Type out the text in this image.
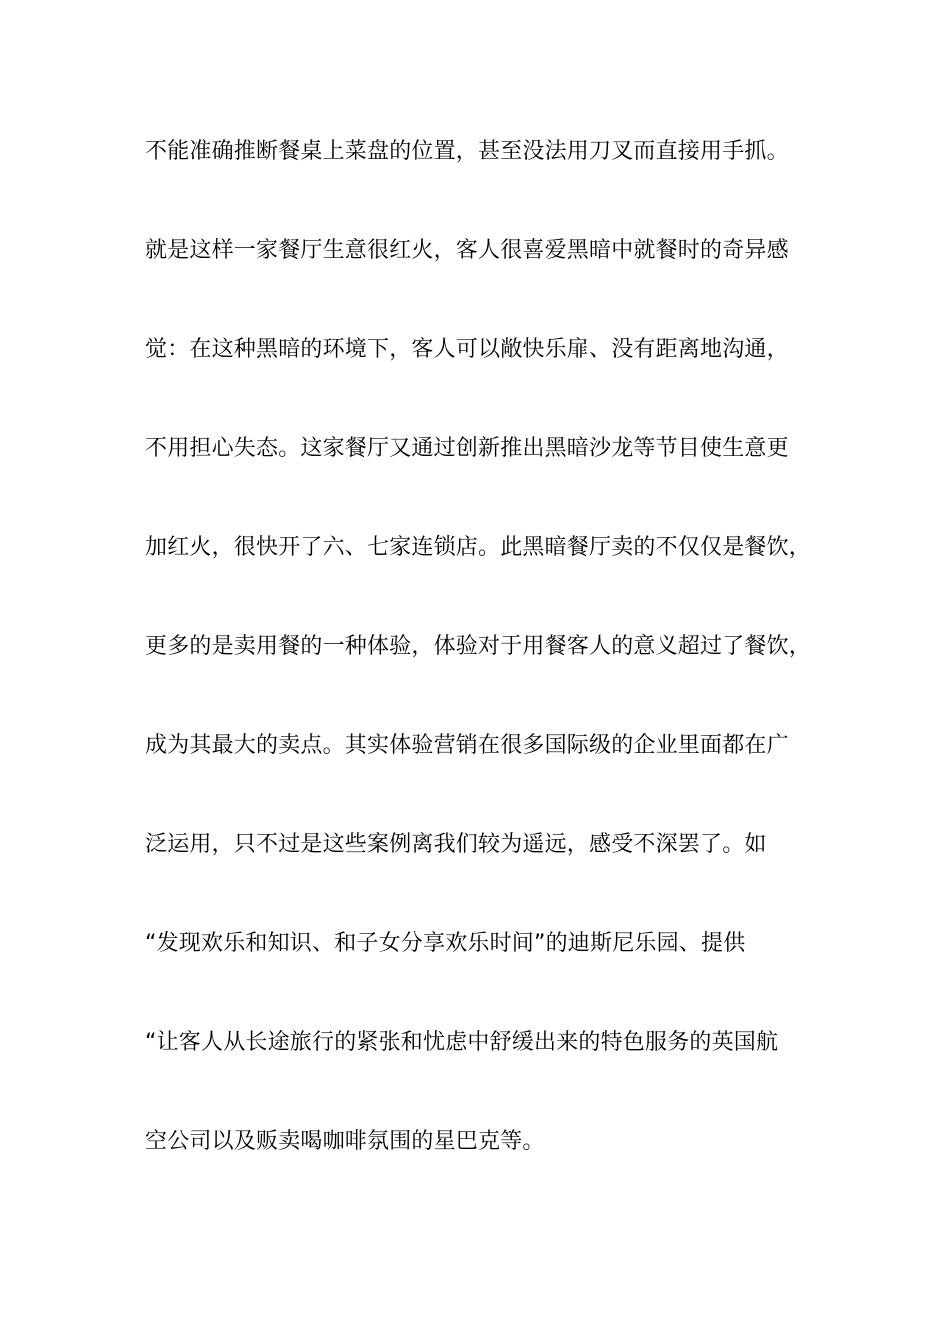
不能准确推断餐桌上菜盘的位置，甚至没法用刀叉而直接用手抓。

就是这样一家餐厅生意很红火，客人很喜爱黑暗中就餐时的奇异感

觉：在这种黑暗的环境下，客人可以敞快乐扉、没有距离地沟通，

不用担心失态。这家餐厅又通过创新推出黑暗沙龙等节目使生意更

加红火，很快开了六、七家连锁店。此黑暗餐厅卖的不仅仅是餐饮，

更多的是卖用餐的一种体验，体验对于用餐客人的意义超过了餐饮，

成为其最大的卖点。其实体验营销在很多国际级的企业里面都在广

泛运用，只不过是这些案例离我们较为遥远，感受不深罢了。如

“发现欢乐和知识、和子女分享欢乐时间”的迪斯尼乐园、提供

“让客人从长途旅行的紧张和忧虑中舒缓出来的特色服务的英国航

空公司以及贩卖喝咖啡氛围的星巴克等。
